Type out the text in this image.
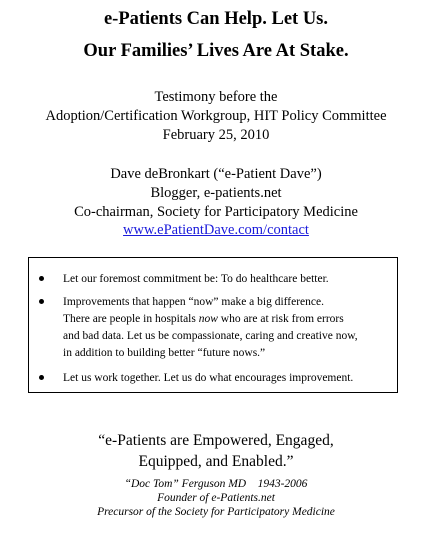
e-Patients Can Help. Let Us.
Our Families’ Lives Are At Stake.
Testimony before the
Adoption/Certification Workgroup, HIT Policy Committee
February 25, 2010
Dave deBronkart (“e-Patient Dave”)
Blogger, e-patients.net
Co-chairman, Society for Participatory Medicine
www.ePatientDave.com/contact
Let our foremost commitment be: To do healthcare better.
Improvements that happen “now” make a big difference.
There are people in hospitals now who are at risk from errors
and bad data. Let us be compassionate, caring and creative now,
in addition to building better “future nows.”
Let us work together. Let us do what encourages improvement.
“e-Patients are Empowered, Engaged,
Equipped, and Enabled.”
“Doc Tom” Ferguson MD    1943-2006
Founder of e-Patients.net
Precursor of the Society for Participatory Medicine
